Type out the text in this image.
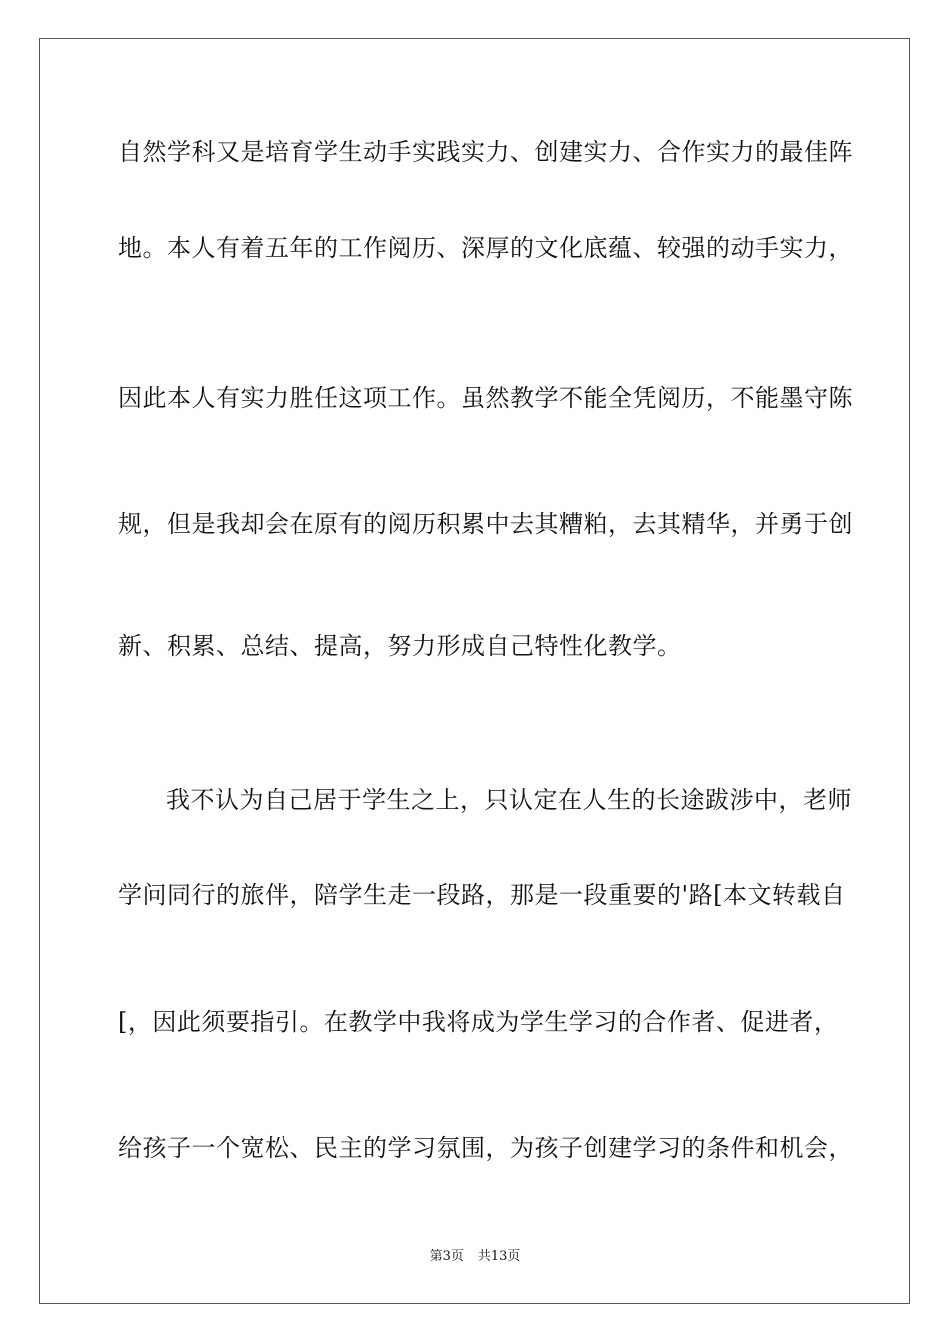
自然学科又是培育学生动手实践实力、创建实力、合作实力的最佳阵
地。本人有着五年的工作阅历、深厚的文化底蕴、较强的动手实力，
因此本人有实力胜任这项工作。虽然教学不能全凭阅历，不能墨守陈
规，但是我却会在原有的阅历积累中去其糟粕，去其精华，并勇于创
新、积累、总结、提高，努力形成自己特性化教学。
我不认为自己居于学生之上，只认定在人生的长途跋涉中，老师
学问同行的旅伴，陪学生走一段路，那是一段重要的'路[本文转载自
[，因此须要指引。在教学中我将成为学生学习的合作者、促进者，
给孩子一个宽松、民主的学习氛围，为孩子创建学习的条件和机会，
第3页 共13页
